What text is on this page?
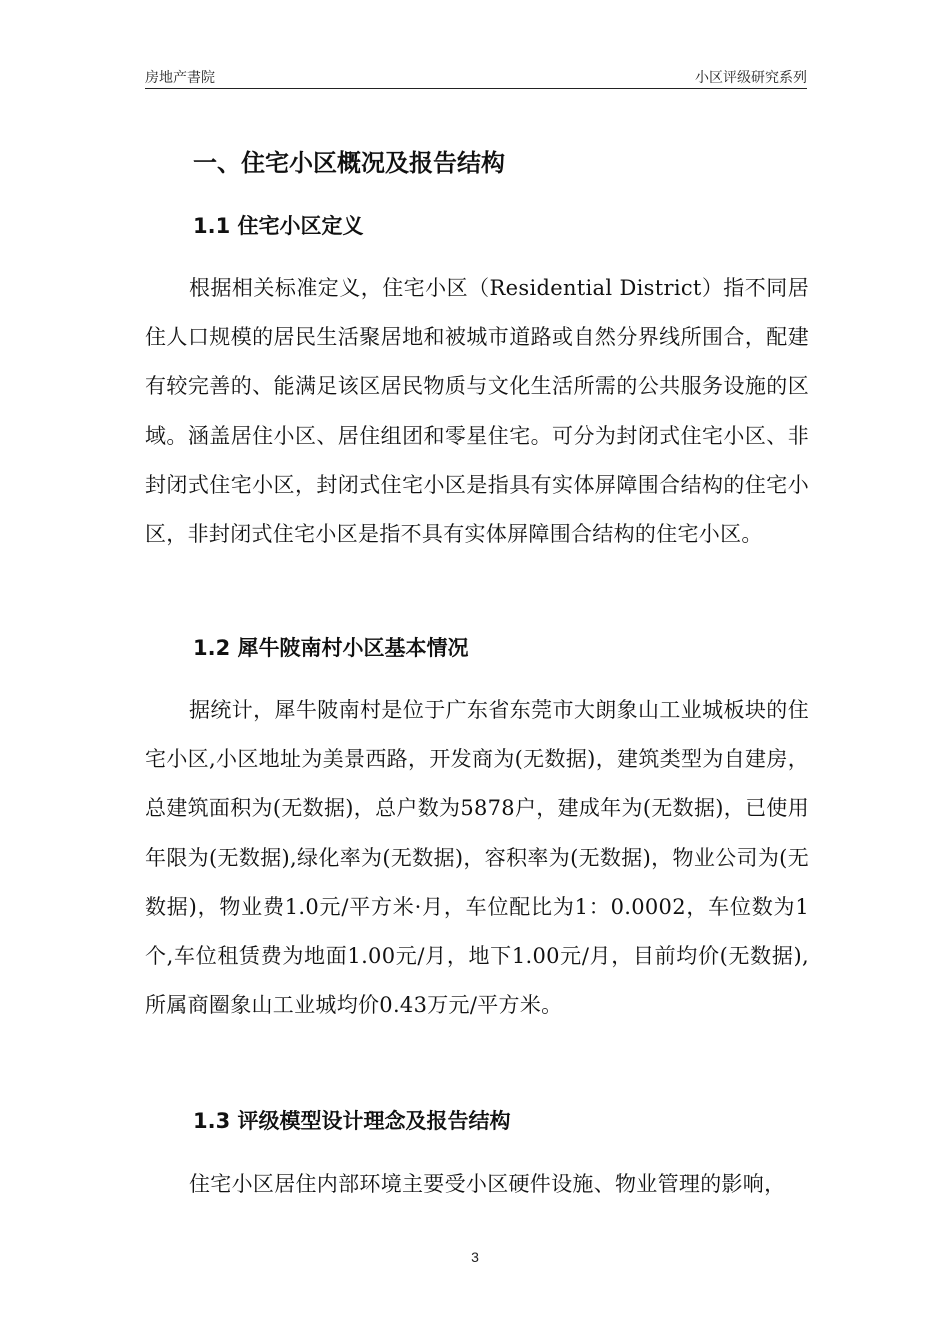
房地产書院	小区评级研究系列
一、住宅小区概况及报告结构
1.1 住宅小区定义

根据相关标准定义，住宅小区（Residential District）指不同居住人口规模的居民生活聚居地和被城市道路或自然分界线所围合，配建有较完善的、能满足该区居民物质与文化生活所需的公共服务设施的区域。涵盖居住小区、居住组团和零星住宅。可分为封闭式住宅小区、非封闭式住宅小区，封闭式住宅小区是指具有实体屏障围合结构的住宅小区，非封闭式住宅小区是指不具有实体屏障围合结构的住宅小区。

1.2 犀牛陂南村小区基本情况

据统计，犀牛陂南村是位于广东省东莞市大朗象山工业城板块的住宅小区,小区地址为美景西路，开发商为(无数据)，建筑类型为自建房，总建筑面积为(无数据)，总户数为5878户，建成年为(无数据)，已使用年限为(无数据),绿化率为(无数据)，容积率为(无数据)，物业公司为(无数据)，物业费1.0元/平方米·月，车位配比为1：0.0002，车位数为1个,车位租赁费为地面1.00元/月，地下1.00元/月，目前均价(无数据),所属商圈象山工业城均价0.43万元/平方米。

1.3 评级模型设计理念及报告结构

住宅小区居住内部环境主要受小区硬件设施、物业管理的影响，

3
